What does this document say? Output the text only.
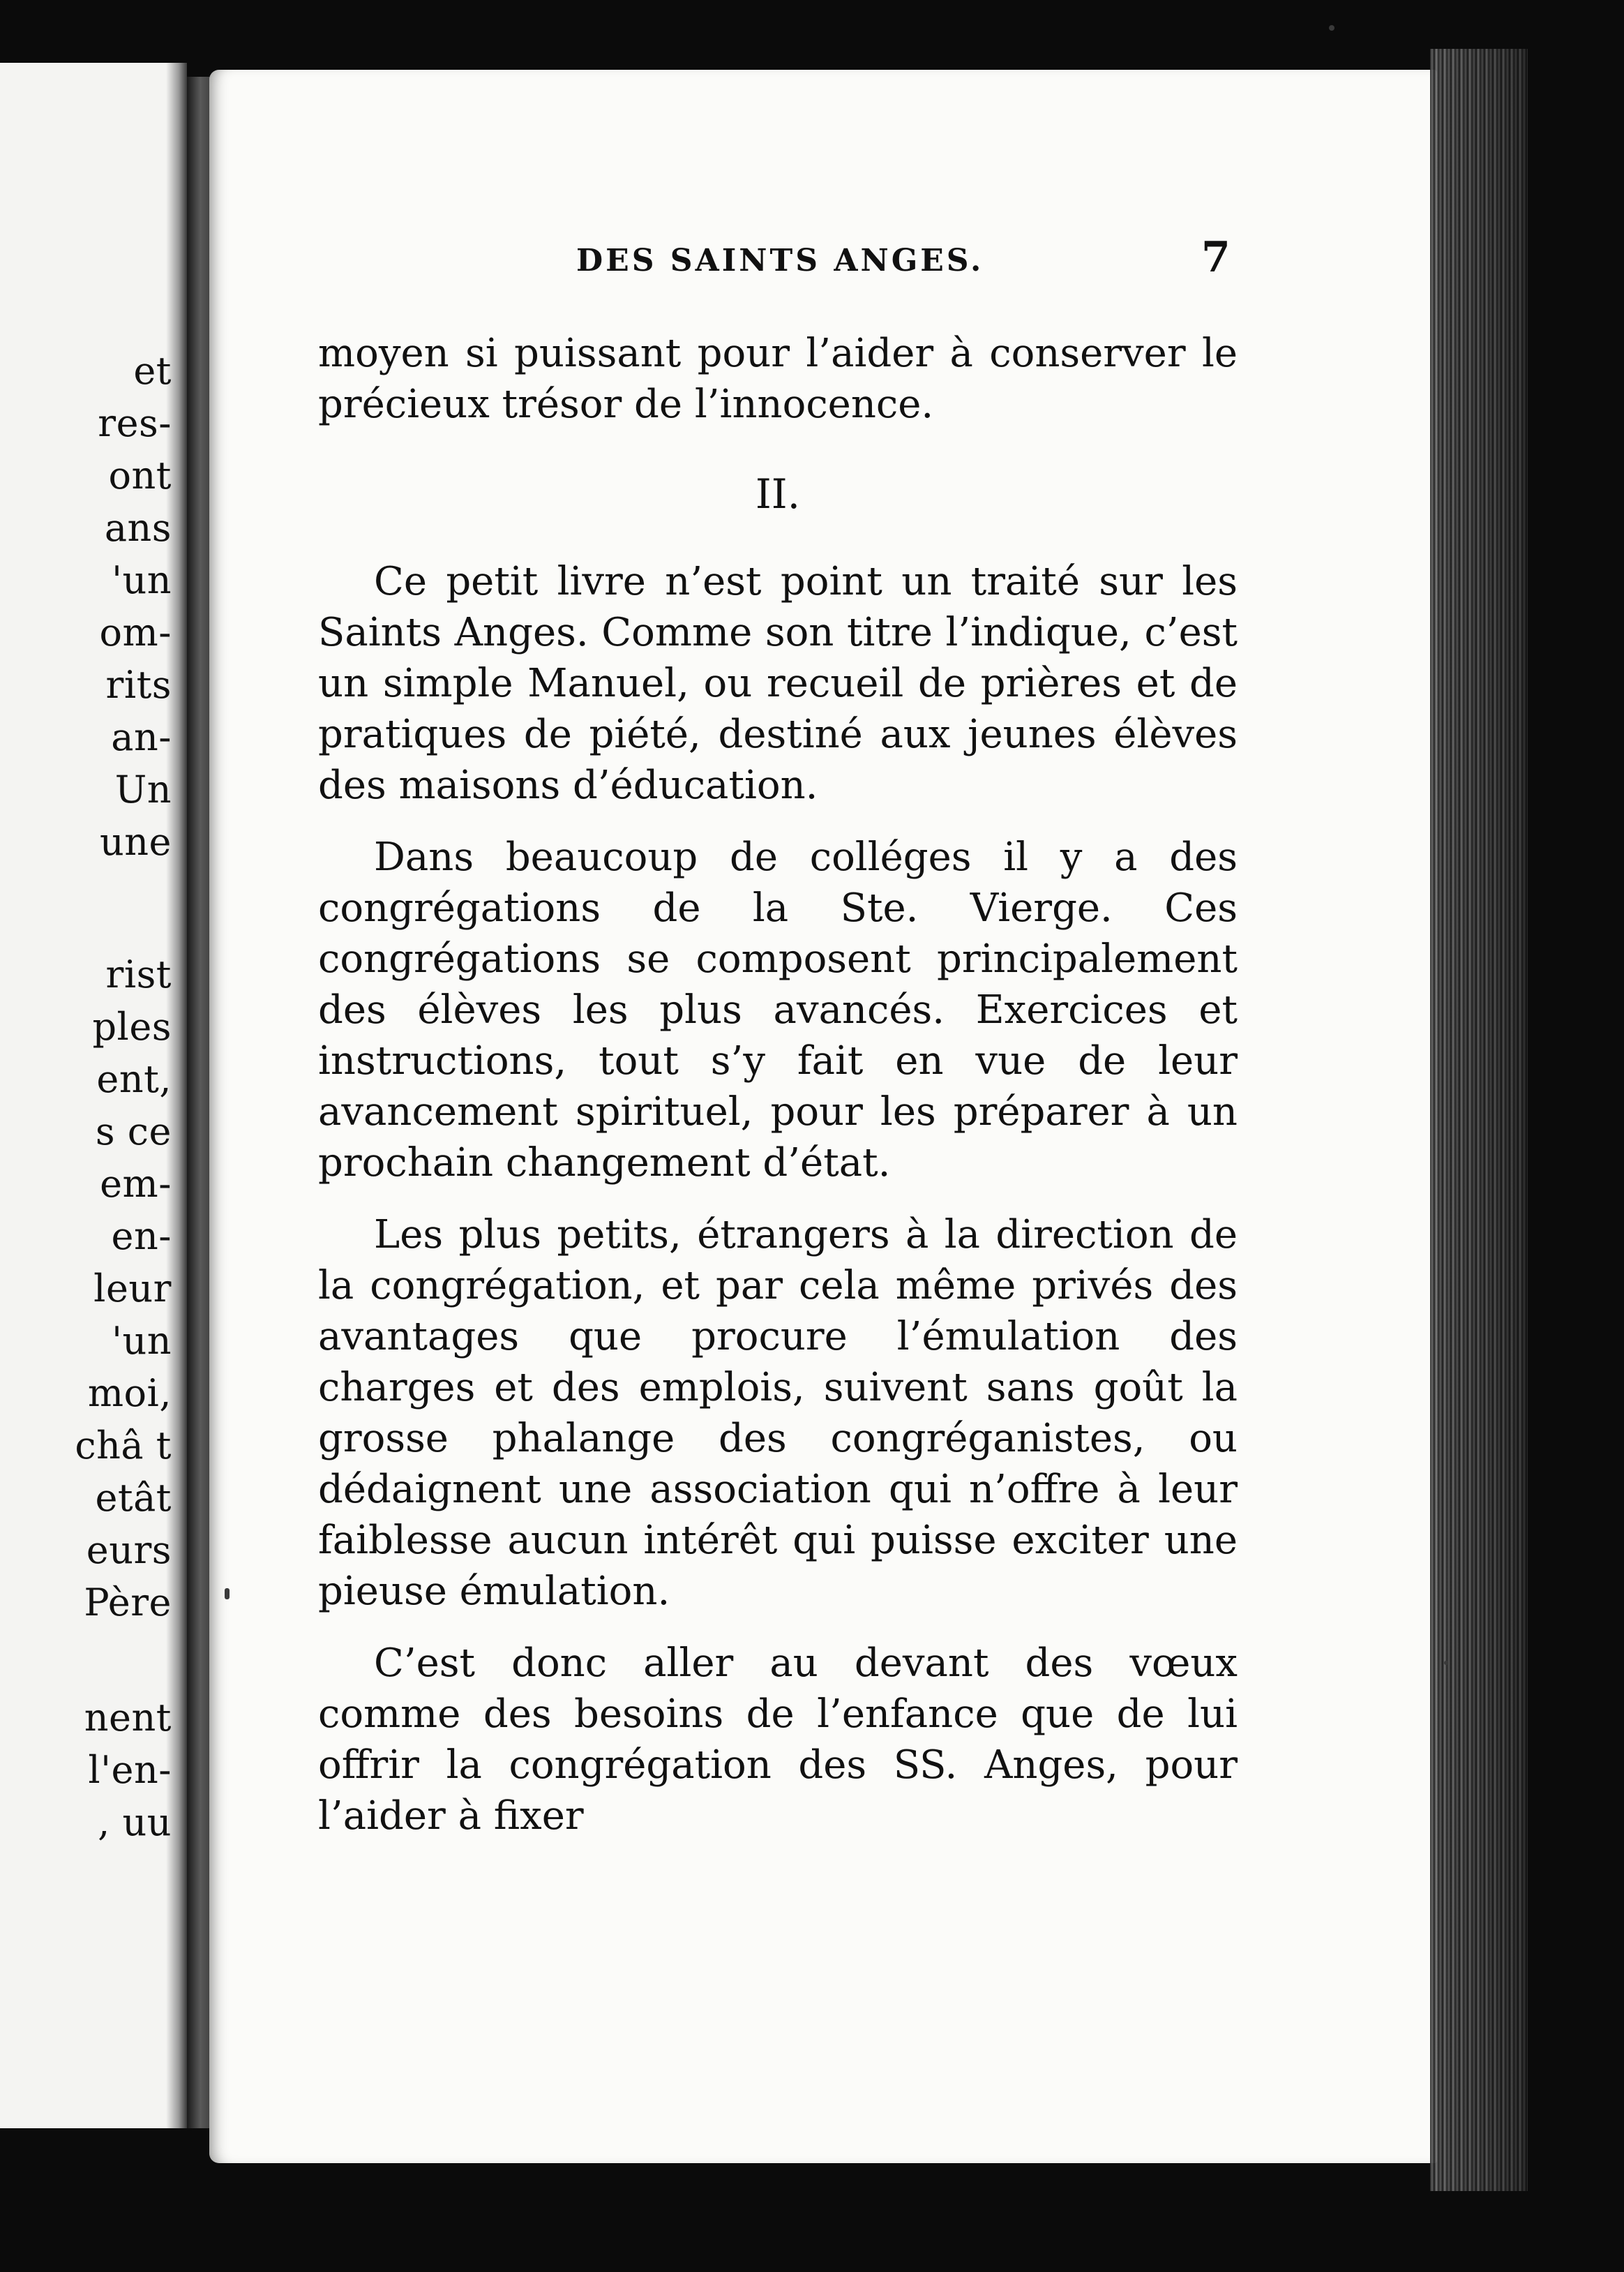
et
res-
ont
ans
'un
om-
rits
an-
Un
une
rist
ples
ent,
s ce
em-
en-
leur
'un
moi,
châ t
etât
eurs
Père
nent
l'en-
, uu
DES SAINTS ANGES.	7

moyen si puissant pour l’aider à conserver le précieux trésor de l’innocence.

II.

Ce petit livre n’est point un traité sur les Saints Anges. Comme son titre l’indique, c’est un simple Manuel, ou recueil de prières et de pratiques de piété, destiné aux jeunes élèves des maisons d’éducation.

Dans beaucoup de colléges il y a des congrégations de la Ste. Vierge. Ces congrégations se composent principalement des élèves les plus avancés. Exercices et instructions, tout s’y fait en vue de leur avancement spirituel, pour les préparer à un prochain changement d’état.

Les plus petits, étrangers à la direction de la congrégation, et par cela même privés des avantages que procure l’émulation des charges et des emplois, suivent sans goût la grosse phalange des congréganistes, ou dédaignent une association qui n’offre à leur faiblesse aucun intérêt qui puisse exciter une pieuse émulation.

C’est donc aller au devant des vœux comme des besoins de l’enfance que de lui offrir la congrégation des SS. Anges, pour l’aider à fixer
